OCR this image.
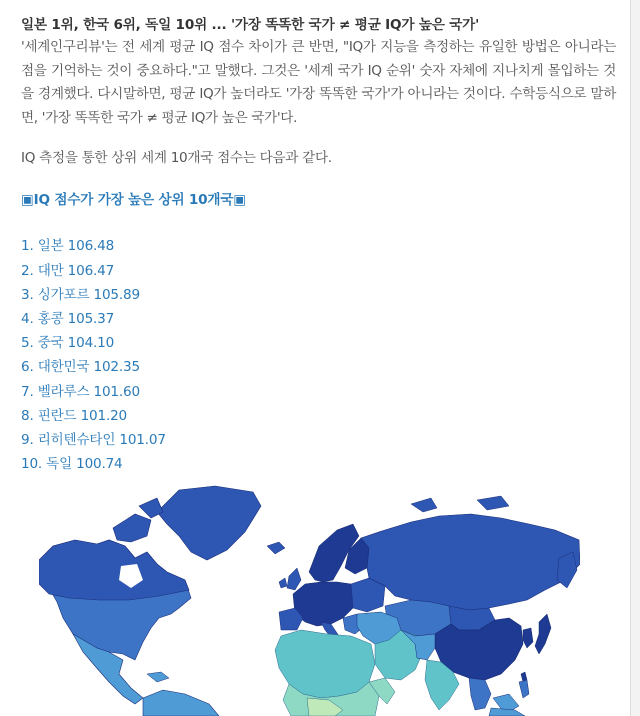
일본 1위, 한국 6위, 독일 10위 ... '가장 똑똑한 국가 ≠ 평균 IQ가 높은 국가'

'세계인구리뷰'는 전 세계 평균 IQ 점수 차이가 큰 반면, "IQ가 지능을 측정하는 유일한 방법은 아니라는 점을 기억하는 것이 중요하다."고 말했다. 그것은 '세계 국가 IQ 순위' 숫자 자체에 지나치게 몰입하는 것을 경계했다. 다시말하면, 평균 IQ가 높더라도 '가장 똑똑한 국가'가 아니라는 것이다. 수학등식으로 말하면, '가장 똑똑한 국가 ≠ 평균 IQ가 높은 국가'다.

IQ 측정을 통한 상위 세계 10개국 점수는 다음과 같다.

▣IQ 점수가 가장 높은 상위 10개국▣
1. 일본 106.48
2. 대만 106.47
3. 싱가포르 105.89
4. 홍콩 105.37
5. 중국 104.10
6. 대한민국 102.35
7. 벨라루스 101.60
8. 핀란드 101.20
9. 리히텐슈타인 101.07
10. 독일 100.74
